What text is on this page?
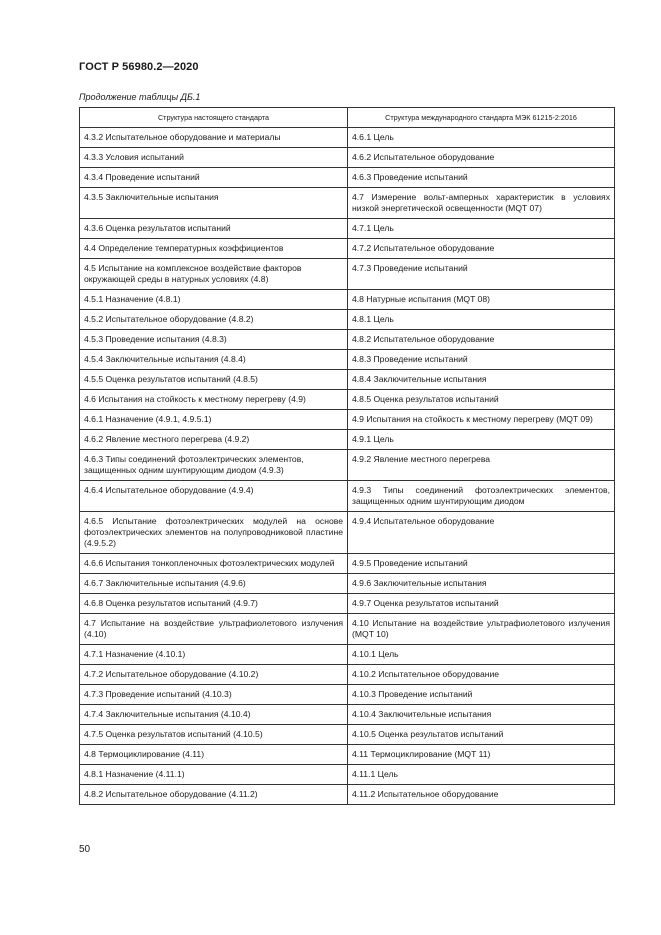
ГОСТ Р 56980.2—2020
Продолжение таблицы ДБ.1
Структура настоящего стандарта	Структура международного стандарта МЭК 61215-2:2016
4.3.2 Испытательное оборудование и материалы	4.6.1 Цель
4.3.3 Условия испытаний	4.6.2 Испытательное оборудование
4.3.4 Проведение испытаний	4.6.3 Проведение испытаний
4.3.5 Заключительные испытания	4.7 Измерение вольт-амперных характеристик в условиях низкой энергетической освещенности (MQT 07)
4.3.6 Оценка результатов испытаний	4.7.1 Цель
4.4 Определение температурных коэффициентов	4.7.2 Испытательное оборудование
4.5 Испытание на комплексное воздействие факторов окружающей среды в натурных условиях (4.8)	4.7.3 Проведение испытаний
4.5.1 Назначение (4.8.1)	4.8 Натурные испытания (MQT 08)
4.5.2 Испытательное оборудование (4.8.2)	4.8.1 Цель
4.5.3 Проведение испытания (4.8.3)	4.8.2 Испытательное оборудование
4.5.4 Заключительные испытания (4.8.4)	4.8.3 Проведение испытаний
4.5.5 Оценка результатов испытаний (4.8.5)	4.8.4 Заключительные испытания
4.6 Испытания на стойкость к местному перегреву (4.9)	4.8.5 Оценка результатов испытаний
4.6.1 Назначение (4.9.1, 4.9.5.1)	4.9 Испытания на стойкость к местному перегреву (MQT 09)
4.6.2 Явление местного перегрева (4.9.2)	4.9.1 Цель
4.6.3 Типы соединений фотоэлектрических элементов, защищенных одним шунтирующим диодом (4.9.3)	4.9.2 Явление местного перегрева
4.6.4 Испытательное оборудование (4.9.4)	4.9.3 Типы соединений фотоэлектрических элементов, защищенных одним шунтирующим диодом
4.6.5 Испытание фотоэлектрических модулей на основе фотоэлектрических элементов на полупроводниковой пластине (4.9.5.2)	4.9.4 Испытательное оборудование
4.6.6 Испытания тонкопленочных фотоэлектрических модулей	4.9.5 Проведение испытаний
4.6.7 Заключительные испытания (4.9.6)	4.9.6 Заключительные испытания
4.6.8 Оценка результатов испытаний (4.9.7)	4.9.7 Оценка результатов испытаний
4.7 Испытание на воздействие ультрафиолетового излучения (4.10)	4.10 Испытание на воздействие ультрафиолетового излучения (MQT 10)
4.7.1 Назначение (4.10.1)	4.10.1 Цель
4.7.2 Испытательное оборудование (4.10.2)	4.10.2 Испытательное оборудование
4.7.3 Проведение испытаний (4.10.3)	4.10.3 Проведение испытаний
4.7.4 Заключительные испытания (4.10.4)	4.10.4 Заключительные испытания
4.7.5 Оценка результатов испытаний (4.10.5)	4.10.5 Оценка результатов испытаний
4.8 Термоциклирование (4.11)	4.11 Термоциклирование (MQT 11)
4.8.1 Назначение (4.11.1)	4.11.1 Цель
4.8.2 Испытательное оборудование (4.11.2)	4.11.2 Испытательное оборудование
50
